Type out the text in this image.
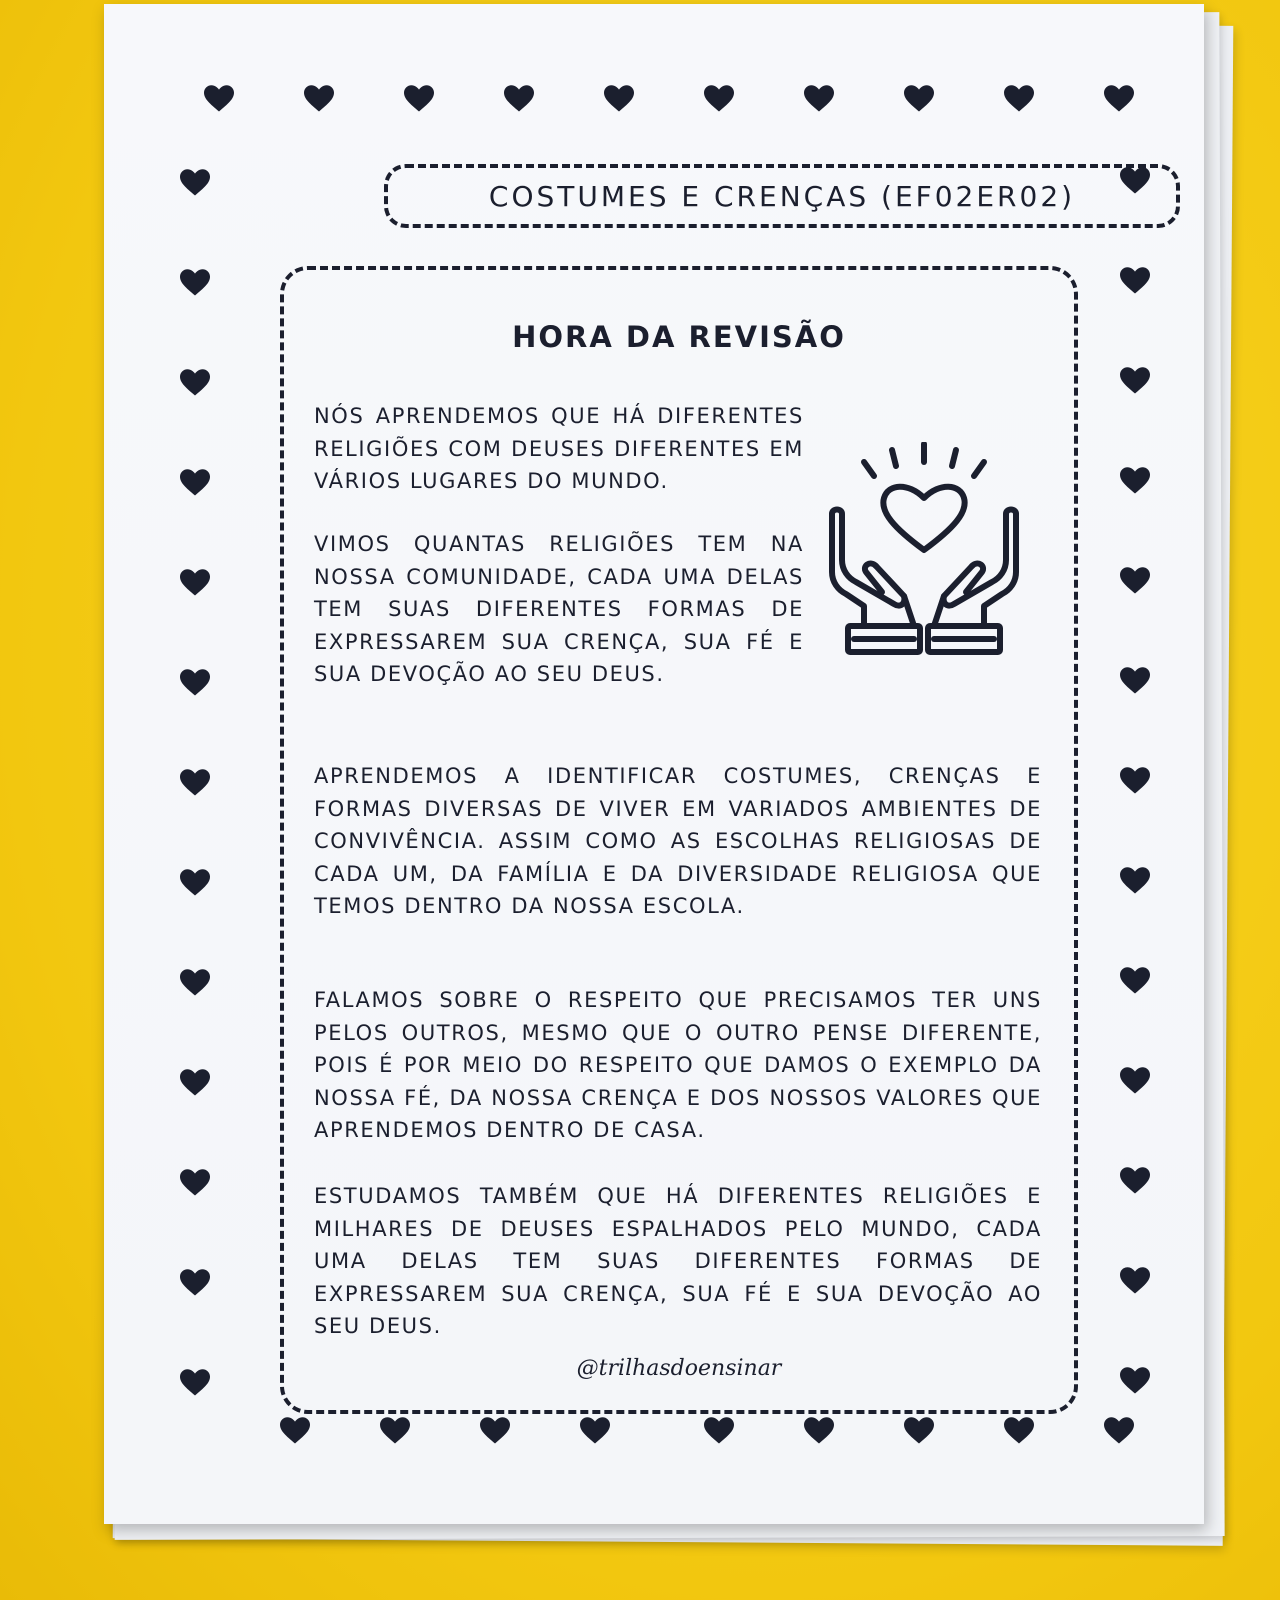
COSTUMES E CRENÇAS (EF02ER02)
HORA DA REVISÃO
NÓS APRENDEMOS QUE HÁ DIFERENTES RELIGIÕES COM DEUSES DIFERENTES EM VÁRIOS LUGARES DO MUNDO.
VIMOS QUANTAS RELIGIÕES TEM NA NOSSA COMUNIDADE, CADA UMA DELAS TEM SUAS DIFERENTES FORMAS DE EXPRESSAREM SUA CRENÇA, SUA FÉ E SUA DEVOÇÃO AO SEU DEUS.
APRENDEMOS A IDENTIFICAR COSTUMES, CRENÇAS E FORMAS DIVERSAS DE VIVER EM VARIADOS AMBIENTES DE CONVIVÊNCIA. ASSIM COMO AS ESCOLHAS RELIGIOSAS DE CADA UM, DA FAMÍLIA E DA DIVERSIDADE RELIGIOSA QUE TEMOS DENTRO DA NOSSA ESCOLA.
FALAMOS SOBRE O RESPEITO QUE PRECISAMOS TER UNS PELOS OUTROS, MESMO QUE O OUTRO PENSE DIFERENTE, POIS É POR MEIO DO RESPEITO QUE DAMOS O EXEMPLO DA NOSSA FÉ, DA NOSSA CRENÇA E DOS NOSSOS VALORES QUE APRENDEMOS DENTRO DE CASA.
ESTUDAMOS TAMBÉM QUE HÁ DIFERENTES RELIGIÕES E MILHARES DE DEUSES ESPALHADOS PELO MUNDO, CADA UMA DELAS TEM SUAS DIFERENTES FORMAS DE EXPRESSAREM SUA CRENÇA, SUA FÉ E SUA DEVOÇÃO AO SEU DEUS.
@trilhasdoensinar
